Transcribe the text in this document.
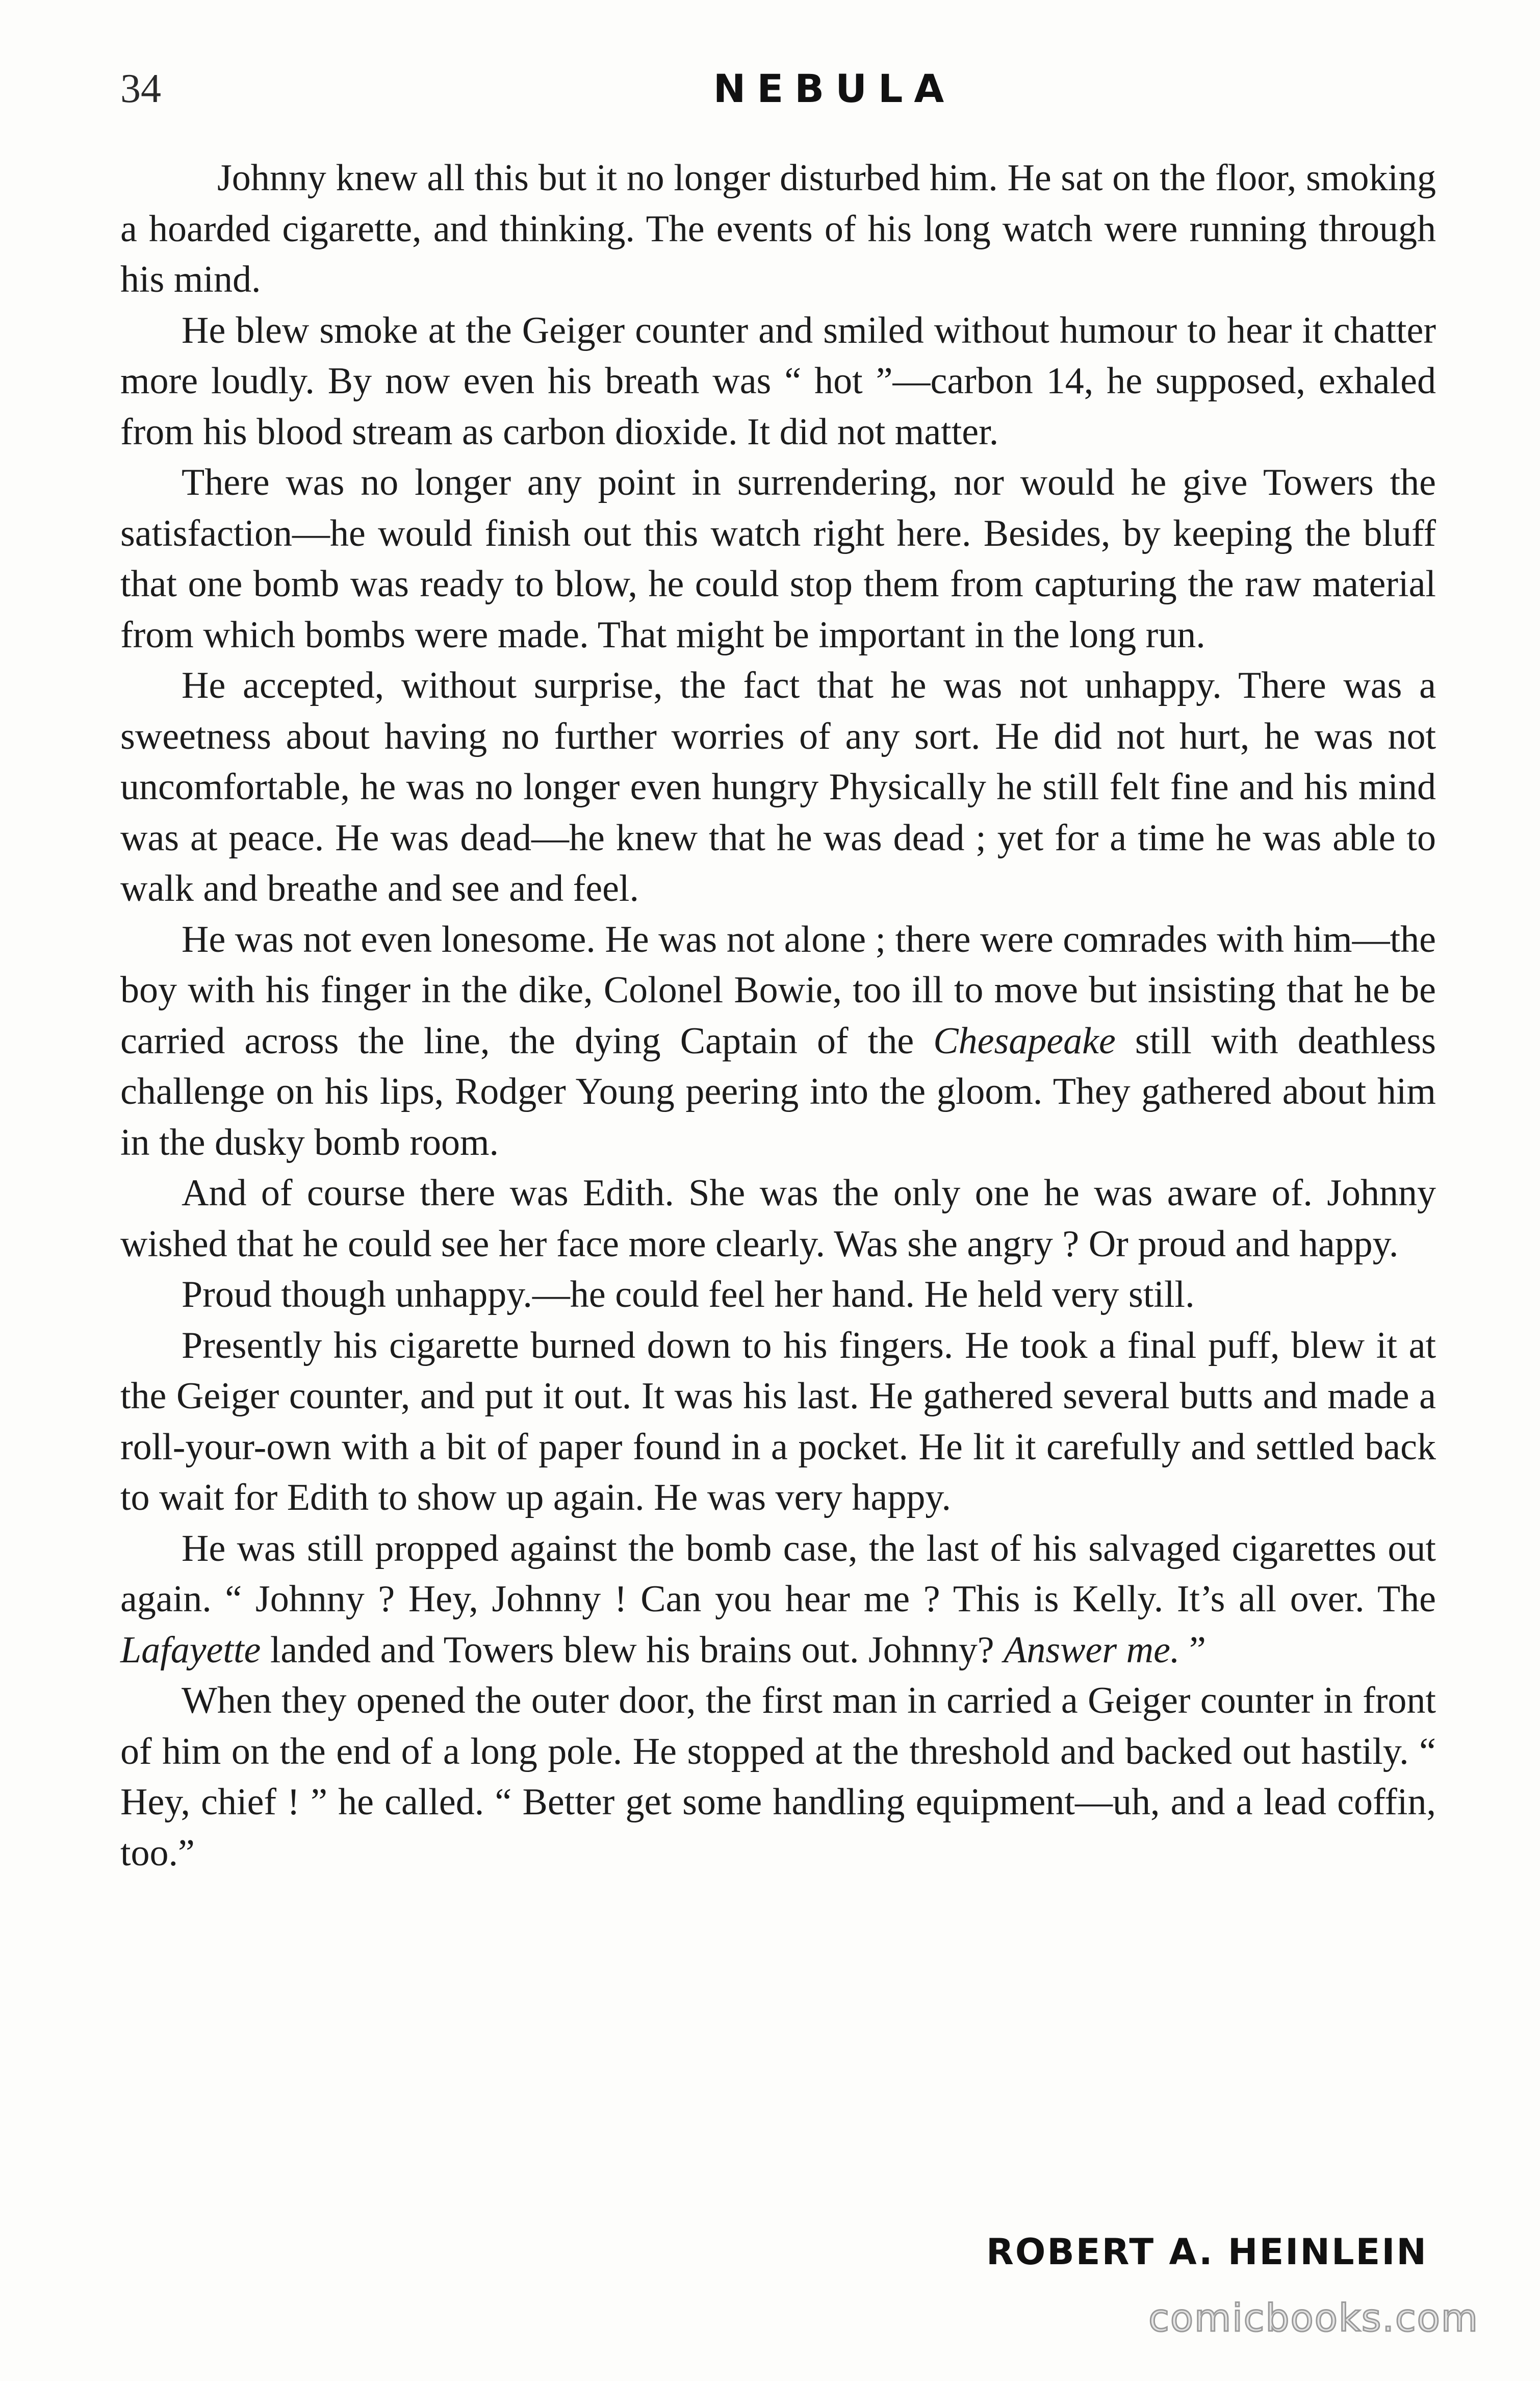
34	NEBULA

Johnny knew all this but it no longer disturbed him. He sat on the floor, smoking a hoarded cigarette, and thinking. The events of his long watch were running through his mind.

He blew smoke at the Geiger counter and smiled without humour to hear it chatter more loudly. By now even his breath was “ hot ”—carbon 14, he supposed, exhaled from his blood stream as carbon dioxide. It did not matter.

There was no longer any point in surrendering, nor would he give Towers the satisfaction—he would finish out this watch right here. Besides, by keeping the bluff that one bomb was ready to blow, he could stop them from capturing the raw material from which bombs were made. That might be important in the long run.

He accepted, without surprise, the fact that he was not unhappy. There was a sweetness about having no further worries of any sort. He did not hurt, he was not uncomfortable, he was no longer even hungry Physically he still felt fine and his mind was at peace. He was dead—he knew that he was dead ; yet for a time he was able to walk and breathe and see and feel.

He was not even lonesome. He was not alone ; there were comrades with him—the boy with his finger in the dike, Colonel Bowie, too ill to move but insisting that he be carried across the line, the dying Captain of the Chesapeake still with deathless challenge on his lips, Rodger Young peering into the gloom. They gathered about him in the dusky bomb room.

And of course there was Edith. She was the only one he was aware of. Johnny wished that he could see her face more clearly. Was she angry ? Or proud and happy.

Proud though unhappy.—he could feel her hand. He held very still.

Presently his cigarette burned down to his fingers. He took a final puff, blew it at the Geiger counter, and put it out. It was his last. He gathered several butts and made a roll-your-own with a bit of paper found in a pocket. He lit it carefully and settled back to wait for Edith to show up again. He was very happy.

He was still propped against the bomb case, the last of his salvaged cigarettes out again. “ Johnny ? Hey, Johnny ! Can you hear me ? This is Kelly. It’s all over. The Lafayette landed and Towers blew his brains out. Johnny? Answer me. ”

When they opened the outer door, the first man in carried a Geiger counter in front of him on the end of a long pole. He stopped at the threshold and backed out hastily. “ Hey, chief ! ” he called. “ Better get some handling equipment—uh, and a lead coffin, too.”

ROBERT A. HEINLEIN
comicbooks.com
